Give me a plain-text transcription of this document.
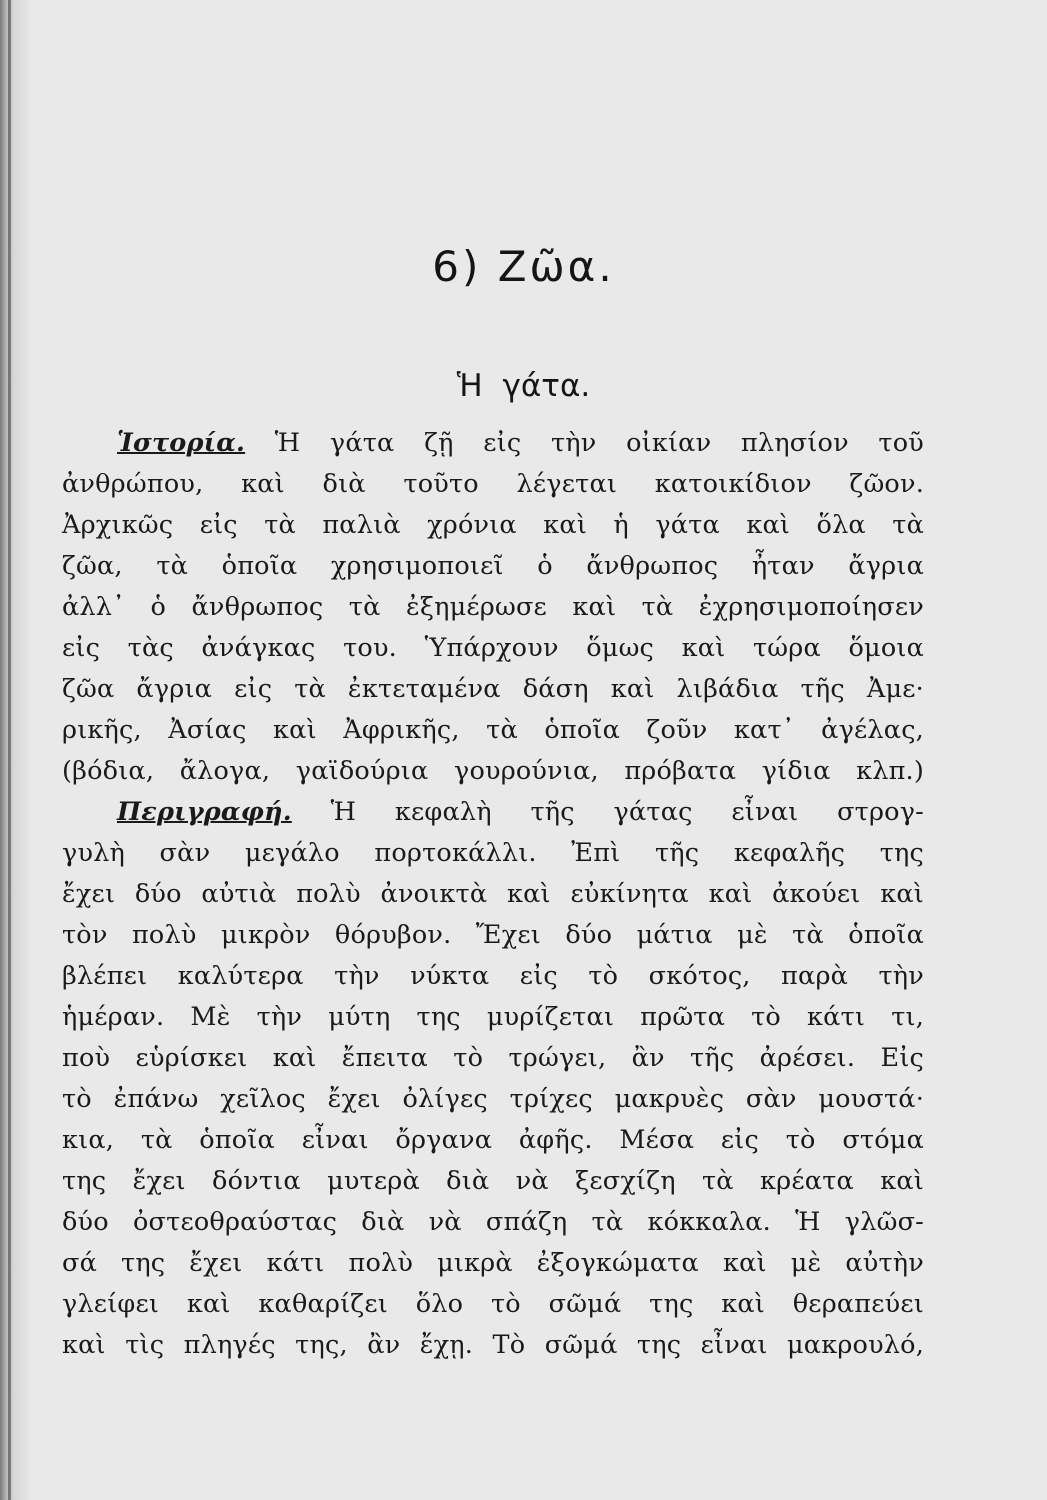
6) Ζῶα.
Ἡ γάτα.
Ἱστορία. Ἡ γάτα ζῇ εἰς τὴν οἰκίαν πλησίον τοῦ
ἀνθρώπου, καὶ διὰ τοῦτο λέγεται κατοικίδιον ζῶον.
Ἀρχικῶς εἰς τὰ παλιὰ χρόνια καὶ ἡ γάτα καὶ ὅλα τὰ
ζῶα, τὰ ὁποῖα χρησιμοποιεῖ ὁ ἄνθρωπος ἦταν ἄγρια
ἀλλ᾽ ὁ ἄνθρωπος τὰ ἐξημέρωσε καὶ τὰ ἐχρησιμοποίησεν
εἰς τὰς ἀνάγκας του. Ὑπάρχουν ὅμως καὶ τώρα ὅμοια
ζῶα ἄγρια εἰς τὰ ἐκτεταμένα δάση καὶ λιβάδια τῆς Ἀμε·
ρικῆς, Ἀσίας καὶ Ἀφρικῆς, τὰ ὁποῖα ζοῦν κατ᾽ ἀγέλας,
(βόδια, ἄλογα, γαϊδούρια γουρούνια, πρόβατα γίδια κλπ.)
Περιγραφή. Ἡ κεφαλὴ τῆς γάτας εἶναι στρογ-
γυλὴ σὰν μεγάλο πορτοκάλλι. Ἐπὶ τῆς κεφαλῆς της
ἔχει δύο αὐτιὰ πολὺ ἀνοικτὰ καὶ εὐκίνητα καὶ ἀκούει καὶ
τὸν πολὺ μικρὸν θόρυβον. Ἔχει δύο μάτια μὲ τὰ ὁποῖα
βλέπει καλύτερα τὴν νύκτα εἰς τὸ σκότος, παρὰ τὴν
ἡμέραν. Μὲ τὴν μύτη της μυρίζεται πρῶτα τὸ κάτι τι,
ποὺ εὑρίσκει καὶ ἔπειτα τὸ τρώγει, ἂν τῆς ἀρέσει. Εἰς
τὸ ἐπάνω χεῖλος ἔχει ὀλίγες τρίχες μακρυὲς σὰν μουστά·
κια, τὰ ὁποῖα εἶναι ὄργανα ἀφῆς. Μέσα εἰς τὸ στόμα
της ἔχει δόντια μυτερὰ διὰ νὰ ξεσχίζη τὰ κρέατα καὶ
δύο ὀστεοθραύστας διὰ νὰ σπάζη τὰ κόκκαλα. Ἡ γλῶσ-
σά της ἔχει κάτι πολὺ μικρὰ ἐξογκώματα καὶ μὲ αὐτὴν
γλείφει καὶ καθαρίζει ὅλο τὸ σῶμά της καὶ θεραπεύει
καὶ τὶς πληγές της, ἂν ἔχῃ. Τὸ σῶμά της εἶναι μακρουλό,
